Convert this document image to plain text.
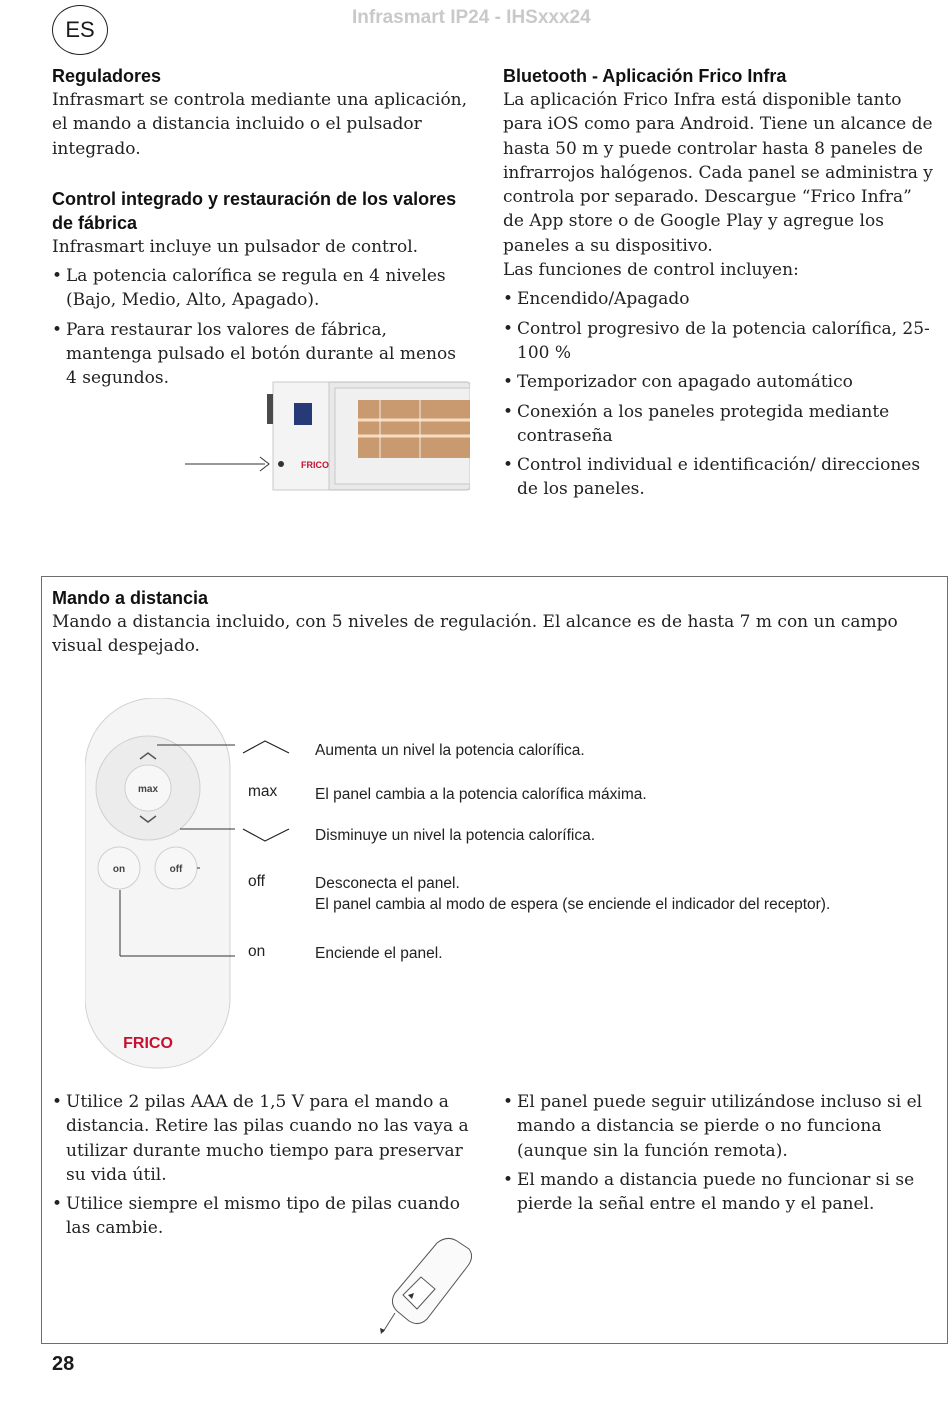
ES	Infrasmart IP24 - IHSxxx24
Reguladores

Infrasmart se controla mediante una aplicación, el mando a distancia incluido o el pulsador integrado.

Control integrado y restauración de los valores de fábrica

Infrasmart incluye un pulsador de control.

• La potencia calorífica se regula en 4 niveles (Bajo, Medio, Alto, Apagado).
• Para restaurar los valores de fábrica, mantenga pulsado el botón durante al menos 4 segundos.
FRICO
Bluetooth - Aplicación Frico Infra

La aplicación Frico Infra está disponible tanto para iOS como para Android. Tiene un alcance de hasta 50 m y puede controlar hasta 8 paneles de infrarrojos halógenos. Cada panel se administra y controla por separado. Descargue “Frico Infra” de App store o de Google Play y agregue los paneles a su dispositivo.

Las funciones de control incluyen:

• Encendido/Apagado
• Control progresivo de la potencia calorífica, 25-100 %
• Temporizador con apagado automático
• Conexión a los paneles protegida mediante contraseña
• Control individual e identificación/ direcciones de los paneles.
Mando a distancia

Mando a distancia incluido, con 5 niveles de regulación. El alcance es de hasta 7 m con un campo visual despejado.

max
on	off
FRICO
max
off
on
Aumenta un nivel la potencia calorífica.
El panel cambia a la potencia calorífica máxima.
Disminuye un nivel la potencia calorífica.
Desconecta el panel.
El panel cambia al modo de espera (se enciende el indicador del receptor).
Enciende el panel.
• Utilice 2 pilas AAA de 1,5 V para el mando a distancia. Retire las pilas cuando no las vaya a utilizar durante mucho tiempo para preservar su vida útil.
• Utilice siempre el mismo tipo de pilas cuando las cambie.
• El panel puede seguir utilizándose incluso si el mando a distancia se pierde o no funciona (aunque sin la función remota).
• El mando a distancia puede no funcionar si se pierde la señal entre el mando y el panel.
28
